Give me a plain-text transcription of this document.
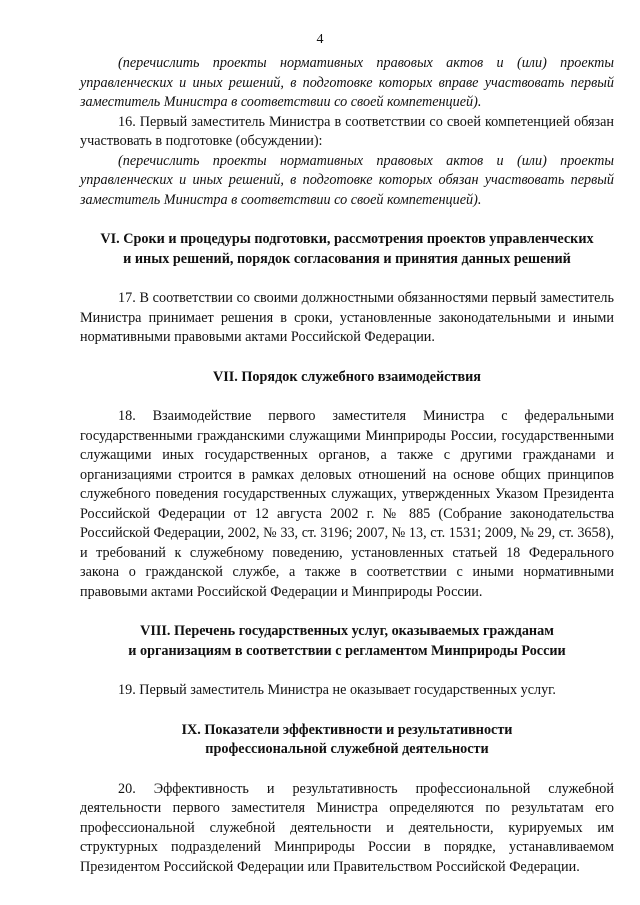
4

(перечислить проекты нормативных правовых актов и (или) проекты управленческих и иных решений, в подготовке которых вправе участвовать первый заместитель Министра в соответствии со своей компетенцией).

16. Первый заместитель Министра в соответствии со своей компетенцией обязан участвовать в подготовке (обсуждении):

(перечислить проекты нормативных правовых актов и (или) проекты управленческих и иных решений, в подготовке которых обязан участвовать первый заместитель Министра в соответствии со своей компетенцией).

VI. Сроки и процедуры подготовки, рассмотрения проектов управленческих
и иных решений, порядок согласования и принятия данных решений

17. В соответствии со своими должностными обязанностями первый заместитель Министра принимает решения в сроки, установленные законодательными и иными нормативными правовыми актами Российской Федерации.

VII. Порядок служебного взаимодействия

18. Взаимодействие первого заместителя Министра с федеральными государственными гражданскими служащими Минприроды России, государственными служащими иных государственных органов, а также с другими гражданами и организациями строится в рамках деловых отношений на основе общих принципов служебного поведения государственных служащих, утвержденных Указом Президента Российской Федерации от 12 августа 2002 г. № 885 (Собрание законодательства Российской Федерации, 2002, № 33, ст. 3196; 2007, № 13, ст. 1531; 2009, № 29, ст. 3658), и требований к служебному поведению, установленных статьей 18 Федерального закона о гражданской службе, а также в соответствии с иными нормативными правовыми актами Российской Федерации и Минприроды России.

VIII. Перечень государственных услуг, оказываемых гражданам
и организациям в соответствии с регламентом Минприроды России

19. Первый заместитель Министра не оказывает государственных услуг.

IX. Показатели эффективности и результативности
профессиональной служебной деятельности

20. Эффективность и результативность профессиональной служебной деятельности первого заместителя Министра определяются по результатам его профессиональной служебной деятельности и деятельности, курируемых им структурных подразделений Минприроды России в порядке, устанавливаемом Президентом Российской Федерации или Правительством Российской Федерации.
